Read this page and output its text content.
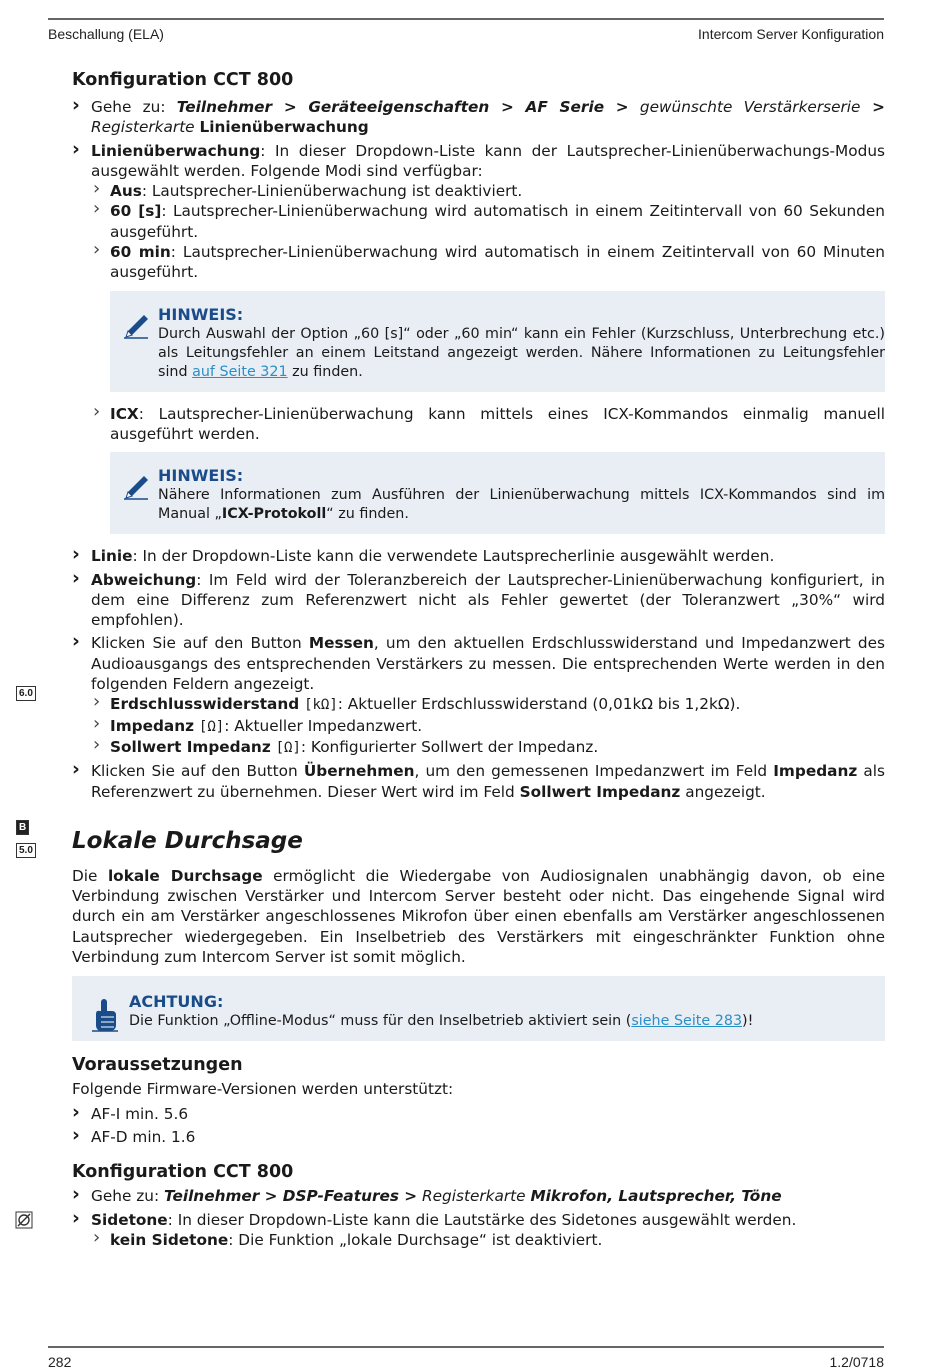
Beschallung (ELA)	Intercom Server Konfiguration
6.0
B
5.0
Konfiguration CCT 800
› Gehe zu: Teilnehmer > Geräteeigenschaften > AF Serie > gewünschte Verstärkerserie > Registerkarte Linienüberwachung
› Linienüberwachung: In dieser Dropdown-Liste kann der Lautsprecher-Linienüberwachungs-Modus ausgewählt werden. Folgende Modi sind verfügbar:
› Aus: Lautsprecher-Linienüberwachung ist deaktiviert.
› 60 [s]: Lautsprecher-Linienüberwachung wird automatisch in einem Zeitintervall von 60 Sekunden ausgeführt.
› 60 min: Lautsprecher-Linienüberwachung wird automatisch in einem Zeitintervall von 60 Minuten ausgeführt.
HINWEIS:
Durch Auswahl der Option „60 [s]“ oder „60 min“ kann ein Fehler (Kurzschluss, Unterbrechung etc.) als Leitungsfehler an einem Leitstand angezeigt werden. Nähere Informationen zu Leitungsfehler sind auf Seite 321 zu finden.
› ICX: Lautsprecher-Linienüberwachung kann mittels eines ICX-Kommandos einmalig manuell ausgeführt werden.
HINWEIS:
Nähere Informationen zum Ausführen der Linienüberwachung mittels ICX-Kommandos sind im Manual „ICX-Protokoll“ zu finden.
› Linie: In der Dropdown-Liste kann die verwendete Lautsprecherlinie ausgewählt werden.
› Abweichung: Im Feld wird der Toleranzbereich der Lautsprecher-Linienüberwachung konfiguriert, in dem eine Differenz zum Referenzwert nicht als Fehler gewertet (der Toleranzwert „30%“ wird empfohlen).
› Klicken Sie auf den Button Messen, um den aktuellen Erdschlusswiderstand und Impedanzwert des Audioausgangs des entsprechenden Verstärkers zu messen. Die entsprechenden Werte werden in den folgenden Feldern angezeigt.
› Erdschlusswiderstand [kΩ]: Aktueller Erdschlusswiderstand (0,01kΩ bis 1,2kΩ).
› Impedanz [Ω]: Aktueller Impedanzwert.
› Sollwert Impedanz [Ω]: Konfigurierter Sollwert der Impedanz.
› Klicken Sie auf den Button Übernehmen, um den gemessenen Impedanzwert im Feld Impedanz als Referenzwert zu übernehmen. Dieser Wert wird im Feld Sollwert Impedanz angezeigt.
Lokale Durchsage

Die lokale Durchsage ermöglicht die Wiedergabe von Audiosignalen unabhängig davon, ob eine Verbindung zwischen Verstärker und Intercom Server besteht oder nicht. Das eingehende Signal wird durch ein am Verstärker angeschlossenes Mikrofon über einen ebenfalls am Verstärker angeschlossenen Lautsprecher wiedergegeben. Ein Inselbetrieb des Verstärkers mit eingeschränkter Funktion ohne Verbindung zum Intercom Server ist somit möglich.

ACHTUNG:
Die Funktion „Offline-Modus“ muss für den Inselbetrieb aktiviert sein (siehe Seite 283)!
Voraussetzungen

Folgende Firmware-Versionen werden unterstützt:

› AF-I min. 5.6
› AF-D min. 1.6
Konfiguration CCT 800
› Gehe zu: Teilnehmer > DSP-Features > Registerkarte Mikrofon, Lautsprecher, Töne
› Sidetone: In dieser Dropdown-Liste kann die Lautstärke des Sidetones ausgewählt werden.
› kein Sidetone: Die Funktion „lokale Durchsage“ ist deaktiviert.
282	1.2/0718
